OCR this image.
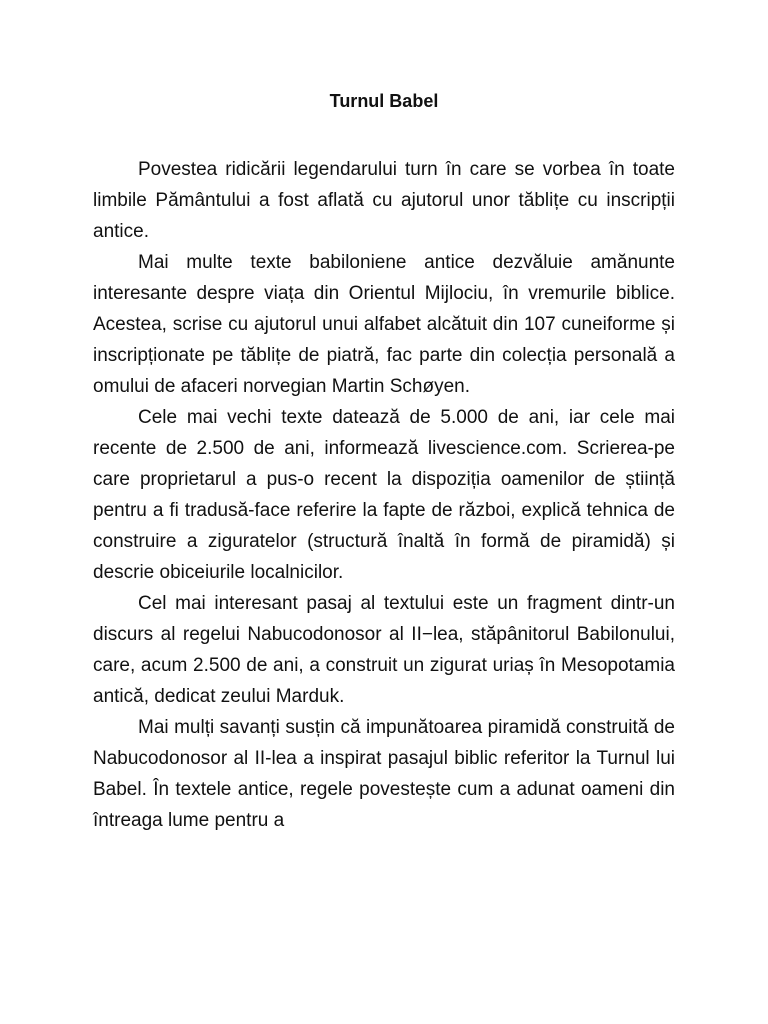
Turnul Babel

Povestea ridicării legendarului turn în care se vorbea în toate limbile Pământului a fost aflată cu ajutorul unor tăblițe cu inscripții antice.

Mai multe texte babiloniene antice dezvăluie amănunte interesante despre viața din Orientul Mijlociu, în vremurile biblice. Acestea, scrise cu ajutorul unui alfabet alcătuit din 107 cuneiforme și inscripționate pe tăblițe de piatră, fac parte din colecția personală a omului de afaceri norvegian Martin Schøyen.

Cele mai vechi texte datează de 5.000 de ani, iar cele mai recente de 2.500 de ani, informează livescience.com. Scrierea-pe care proprietarul a pus-o recent la dispoziția oamenilor de știință pentru a fi tradusă-face referire la fapte de război, explică tehnica de construire a ziguratelor (structură înaltă în formă de piramidă) și descrie obiceiurile localnicilor.

Cel mai interesant pasaj al textului este un fragment dintr-un discurs al regelui Nabucodonosor al II−lea, stăpânitorul Babilonului, care, acum 2.500 de ani, a construit un zigurat uriaș în Mesopotamia antică, dedicat zeului Marduk.

Mai mulți savanți susțin că impunătoarea piramidă construită de Nabucodonosor al II-lea a inspirat pasajul biblic referitor la Turnul lui Babel. În textele antice, regele povestește cum a adunat oameni din întreaga lume pentru a
